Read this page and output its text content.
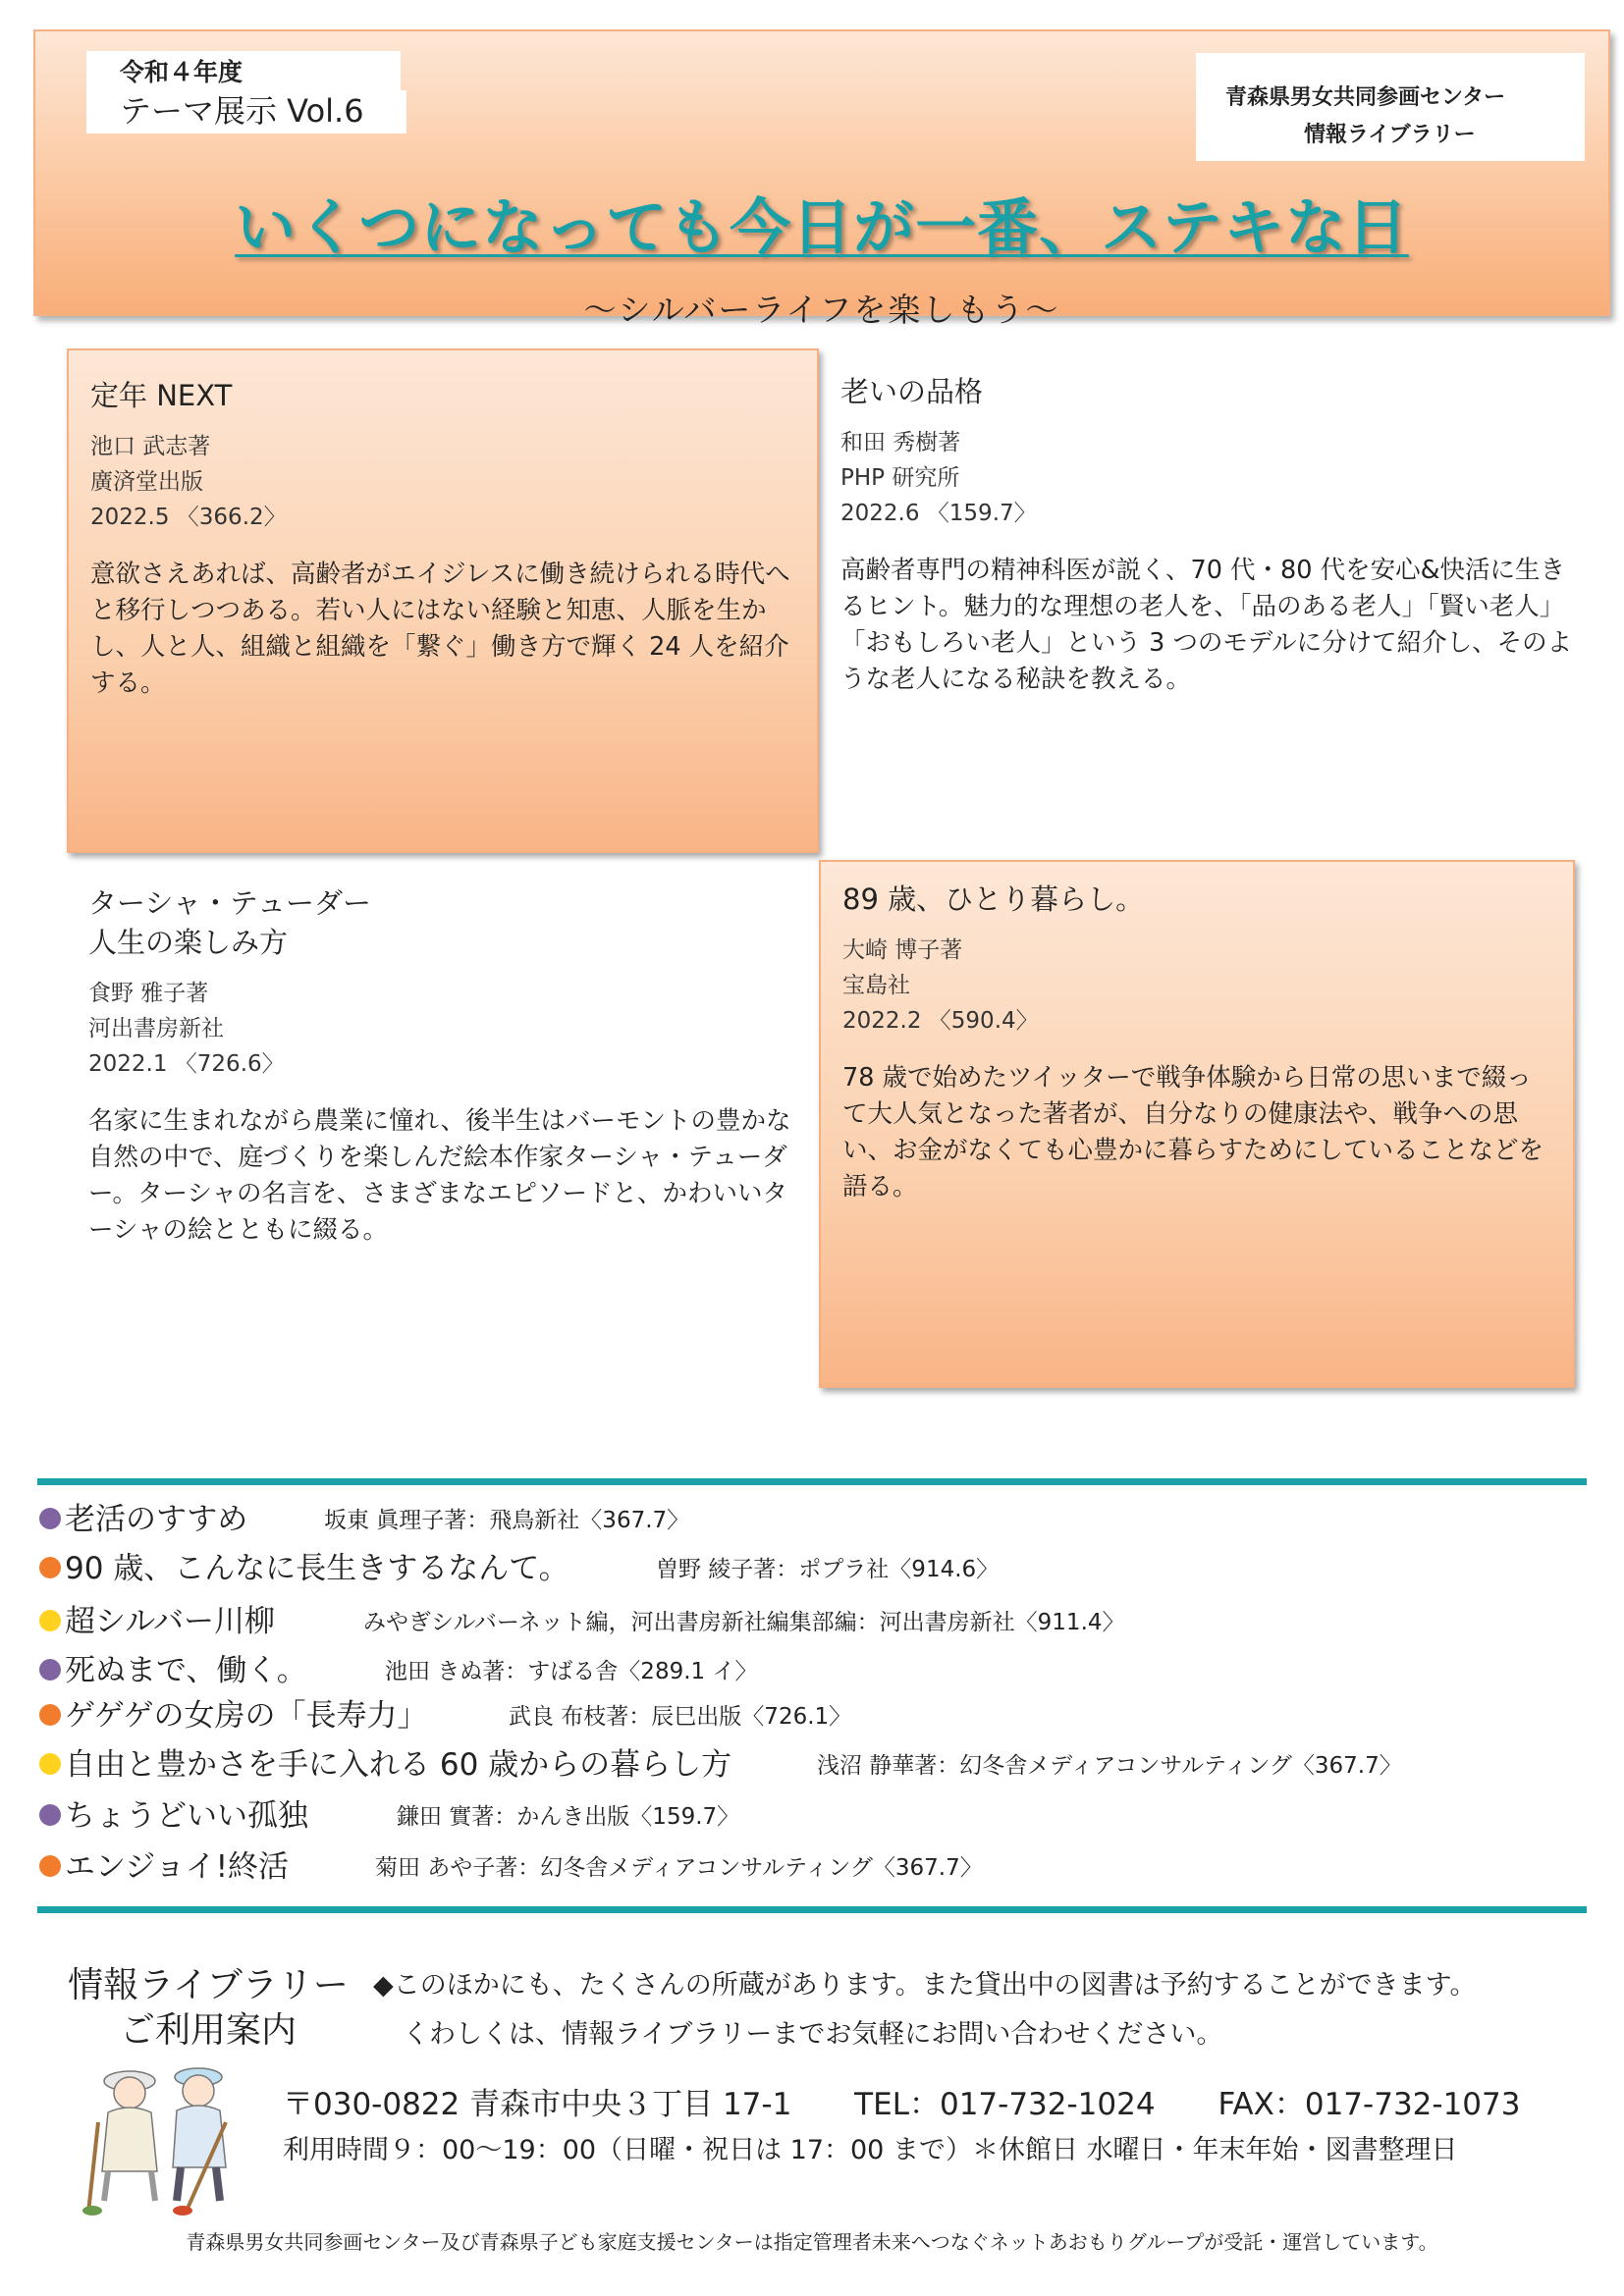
令和４年度
テーマ展示 Vol.6	青森県男女共同参画センター
情報ライブラリー
いくつになっても今日が一番、ステキな日
～シルバーライフを楽しもう～
定年 NEXT
池口 武志著
廣済堂出版
2022.5 〈366.2〉
意欲さえあれば、高齢者がエイジレスに働き続けられる時代へと移行しつつある。若い人にはない経験と知恵、人脈を生かし、人と人、組織と組織を「繋ぐ」働き方で輝く 24 人を紹介する。
老いの品格
和田 秀樹著
PHP 研究所
2022.6 〈159.7〉
高齢者専門の精神科医が説く、70 代・80 代を安心&快活に生きるヒント。魅力的な理想の老人を、「品のある老人」「賢い老人」「おもしろい老人」という 3 つのモデルに分けて紹介し、そのような老人になる秘訣を教える。
ターシャ・テューダー
人生の楽しみ方
食野 雅子著
河出書房新社
2022.1 〈726.6〉
名家に生まれながら農業に憧れ、後半生はバーモントの豊かな自然の中で、庭づくりを楽しんだ絵本作家ターシャ・テューダー。ターシャの名言を、さまざまなエピソードと、かわいいターシャの絵とともに綴る。
89 歳、ひとり暮らし。
大崎 博子著
宝島社
2022.2 〈590.4〉
78 歳で始めたツイッターで戦争体験から日常の思いまで綴って大人気となった著者が、自分なりの健康法や、戦争への思い、お金がなくても心豊かに暮らすためにしていることなどを語る。
老活のすすめ	坂東 眞理子著：飛鳥新社〈367.7〉
90 歳、こんなに長生きするなんて。	曽野 綾子著：ポプラ社〈914.6〉
超シルバー川柳	みやぎシルバーネット編，河出書房新社編集部編：河出書房新社〈911.4〉
死ぬまで、働く。	池田 きぬ著：すばる舎〈289.1 イ〉
ゲゲゲの女房の「長寿力」	武良 布枝著：辰巳出版〈726.1〉
自由と豊かさを手に入れる 60 歳からの暮らし方	浅沼 静華著：幻冬舎メディアコンサルティング〈367.7〉
ちょうどいい孤独	鎌田 實著：かんき出版〈159.7〉
エンジョイ!終活	菊田 あや子著：幻冬舎メディアコンサルティング〈367.7〉
情報ライブラリー
ご利用案内
◆このほかにも、たくさんの所蔵があります。また貸出中の図書は予約することができます。
くわしくは、情報ライブラリーまでお気軽にお問い合わせください。
〒030-0822 青森市中央３丁目 17-1 TEL：017-732-1024 FAX：017-732-1073
利用時間９：00～19：00（日曜・祝日は 17：00 まで）＊休館日 水曜日・年末年始・図書整理日
青森県男女共同参画センター及び青森県子ども家庭支援センターは指定管理者未来へつなぐネットあおもりグループが受託・運営しています。
